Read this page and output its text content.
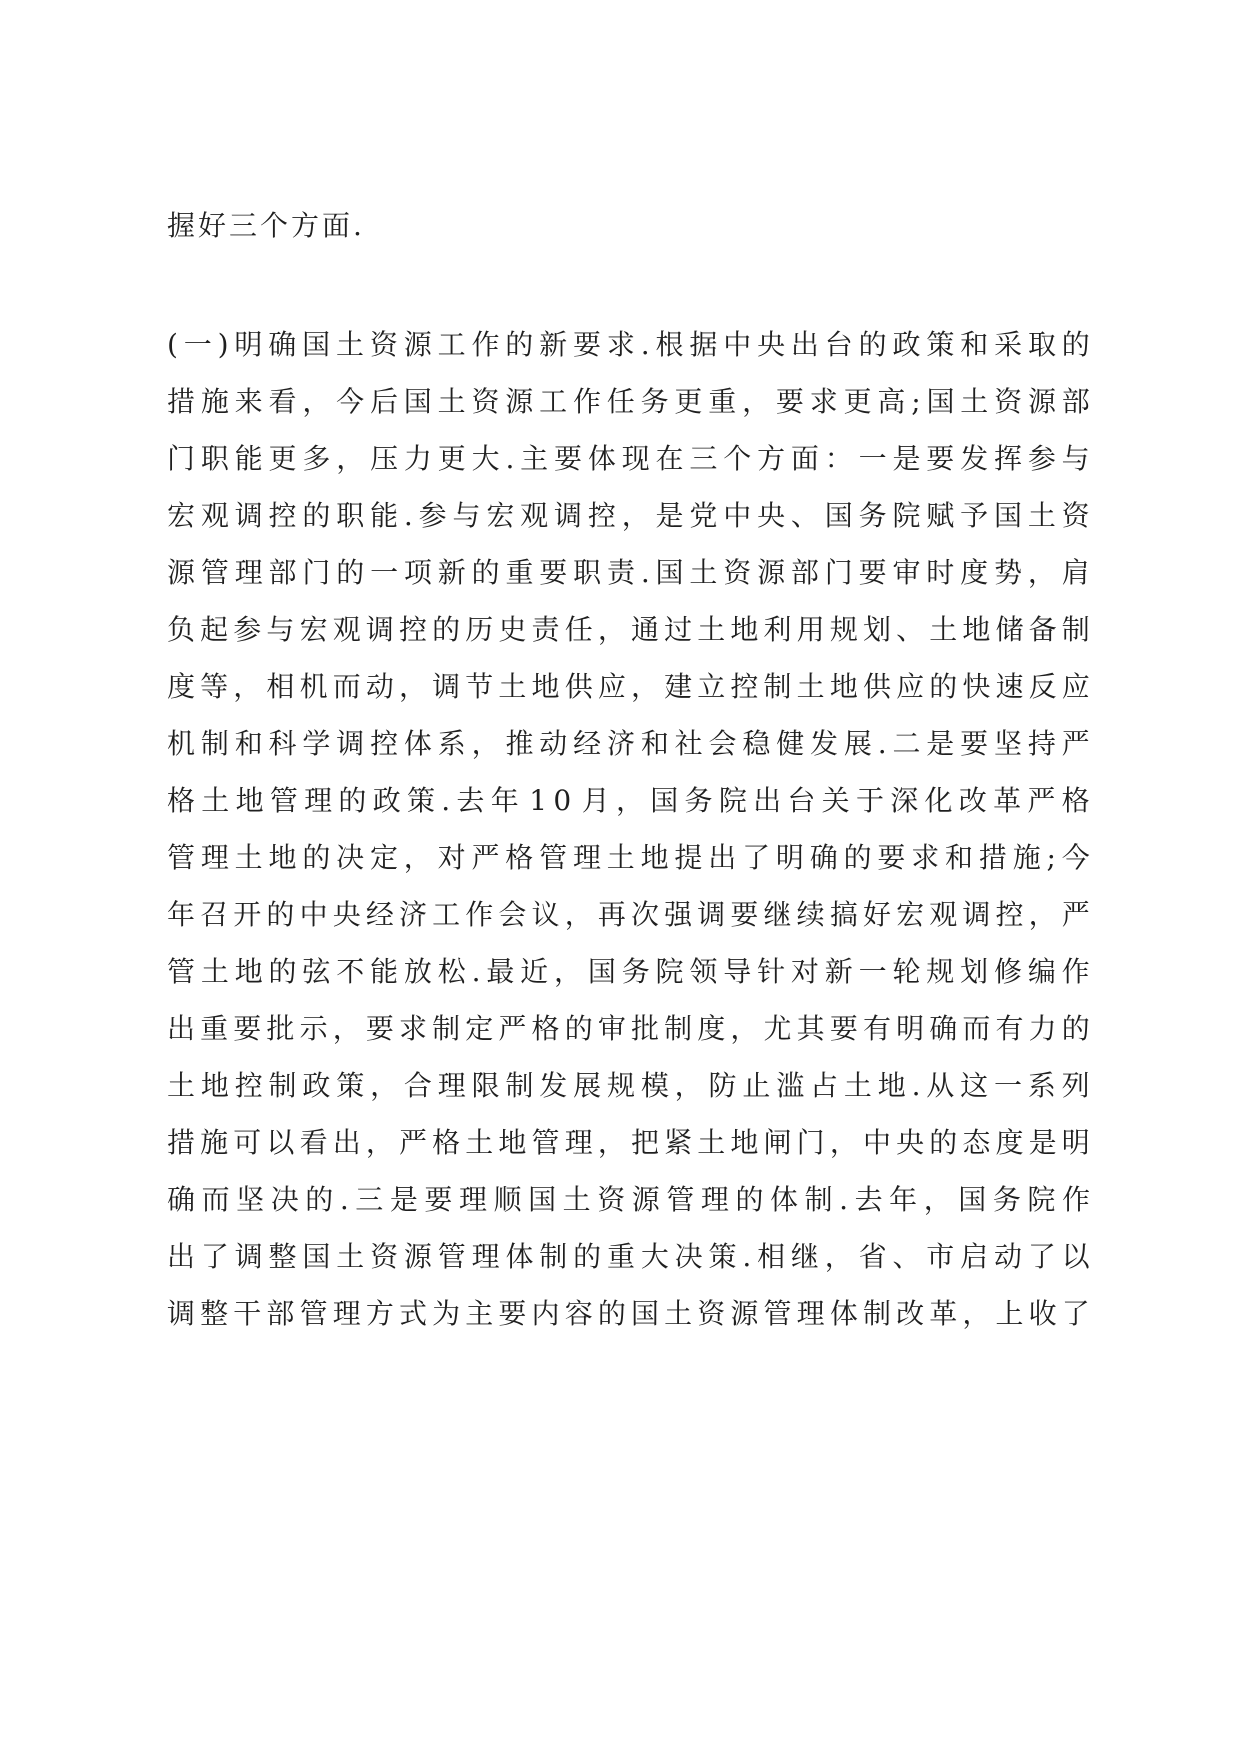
握好三个方面.
( 一 ) 明 确 国 土 资 源 工 作 的 新 要 求 . 根 据 中 央 出 台 的 政 策 和 采 取 的
措 施 来 看 ， 今 后 国 土 资 源 工 作 任 务 更 重 ， 要 求 更 高 ; 国 土 资 源 部
门 职 能 更 多 ， 压 力 更 大 . 主 要 体 现 在 三 个 方 面 ： 一 是 要 发 挥 参 与
宏 观 调 控 的 职 能 . 参 与 宏 观 调 控 ， 是 党 中 央 、 国 务 院 赋 予 国 土 资
源 管 理 部 门 的 一 项 新 的 重 要 职 责 . 国 土 资 源 部 门 要 审 时 度 势 ， 肩
负 起 参 与 宏 观 调 控 的 历 史 责 任 ， 通 过 土 地 利 用 规 划 、 土 地 储 备 制
度 等 ， 相 机 而 动 ， 调 节 土 地 供 应 ， 建 立 控 制 土 地 供 应 的 快 速 反 应
机 制 和 科 学 调 控 体 系 ， 推 动 经 济 和 社 会 稳 健 发 展 . 二 是 要 坚 持 严
格 土 地 管 理 的 政 策 . 去 年 1 0 月 ， 国 务 院 出 台 关 于 深 化 改 革 严 格
管 理 土 地 的 决 定 ， 对 严 格 管 理 土 地 提 出 了 明 确 的 要 求 和 措 施 ; 今
年 召 开 的 中 央 经 济 工 作 会 议 ， 再 次 强 调 要 继 续 搞 好 宏 观 调 控 ， 严
管 土 地 的 弦 不 能 放 松 . 最 近 ， 国 务 院 领 导 针 对 新 一 轮 规 划 修 编 作
出 重 要 批 示 ， 要 求 制 定 严 格 的 审 批 制 度 ， 尤 其 要 有 明 确 而 有 力 的
土 地 控 制 政 策 ， 合 理 限 制 发 展 规 模 ， 防 止 滥 占 土 地 . 从 这 一 系 列
措 施 可 以 看 出 ， 严 格 土 地 管 理 ， 把 紧 土 地 闸 门 ， 中 央 的 态 度 是 明
确 而 坚 决 的 . 三 是 要 理 顺 国 土 资 源 管 理 的 体 制 . 去 年 ， 国 务 院 作
出 了 调 整 国 土 资 源 管 理 体 制 的 重 大 决 策 . 相 继 ， 省 、 市 启 动 了 以
调 整 干 部 管 理 方 式 为 主 要 内 容 的 国 土 资 源 管 理 体 制 改 革 ， 上 收 了
